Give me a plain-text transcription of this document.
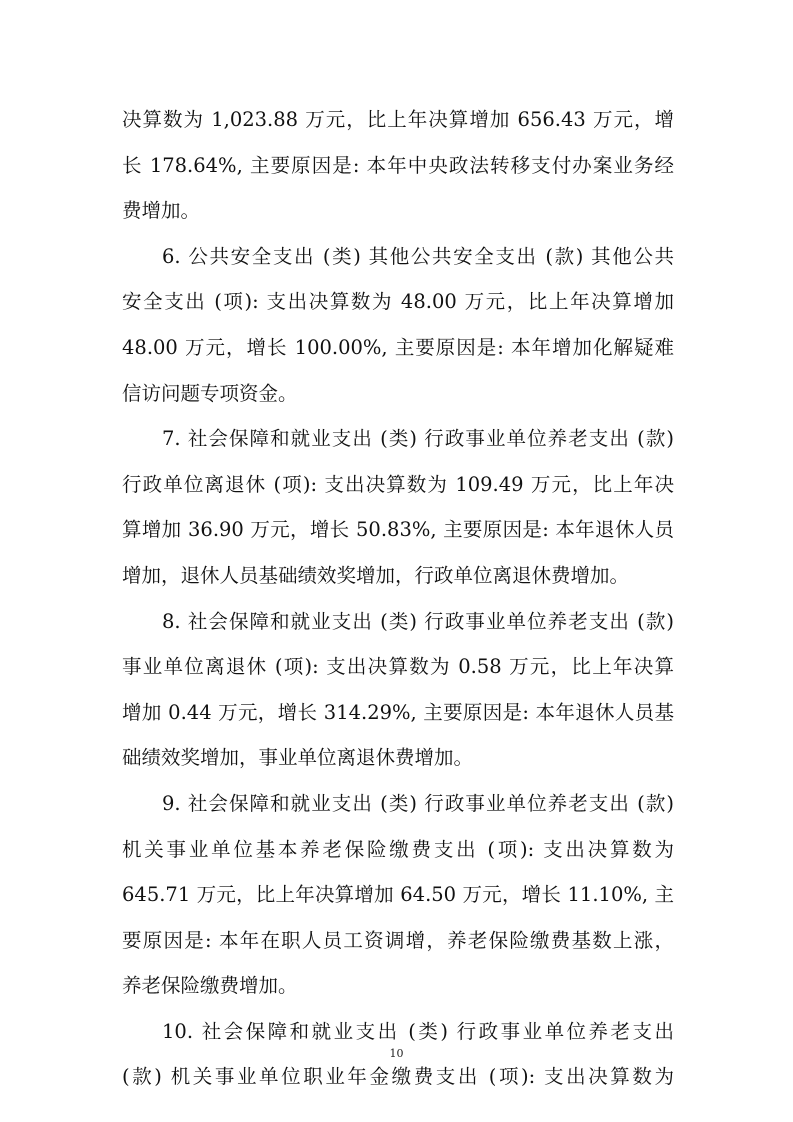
决算数为 1,023.88 万元，比上年决算增加 656.43 万元，增
长 178.64%, 主要原因是: 本年中央政法转移支付办案业务经
费增加。
6. 公共安全支出 (类) 其他公共安全支出 (款) 其他公共
安全支出 (项): 支出决算数为 48.00 万元，比上年决算增加
48.00 万元，增长 100.00%, 主要原因是: 本年增加化解疑难
信访问题专项资金。
7. 社会保障和就业支出 (类) 行政事业单位养老支出 (款)
行政单位离退休 (项): 支出决算数为 109.49 万元，比上年决
算增加 36.90 万元，增长 50.83%, 主要原因是: 本年退休人员
增加，退休人员基础绩效奖增加，行政单位离退休费增加。
8. 社会保障和就业支出 (类) 行政事业单位养老支出 (款)
事业单位离退休 (项): 支出决算数为 0.58 万元，比上年决算
增加 0.44 万元，增长 314.29%, 主要原因是: 本年退休人员基
础绩效奖增加，事业单位离退休费增加。
9. 社会保障和就业支出 (类) 行政事业单位养老支出 (款)
机关事业单位基本养老保险缴费支出 (项): 支出决算数为
645.71 万元，比上年决算增加 64.50 万元，增长 11.10%, 主
要原因是: 本年在职人员工资调增，养老保险缴费基数上涨，
养老保险缴费增加。
10. 社会保障和就业支出 (类) 行政事业单位养老支出
(款) 机关事业单位职业年金缴费支出 (项): 支出决算数为
10
